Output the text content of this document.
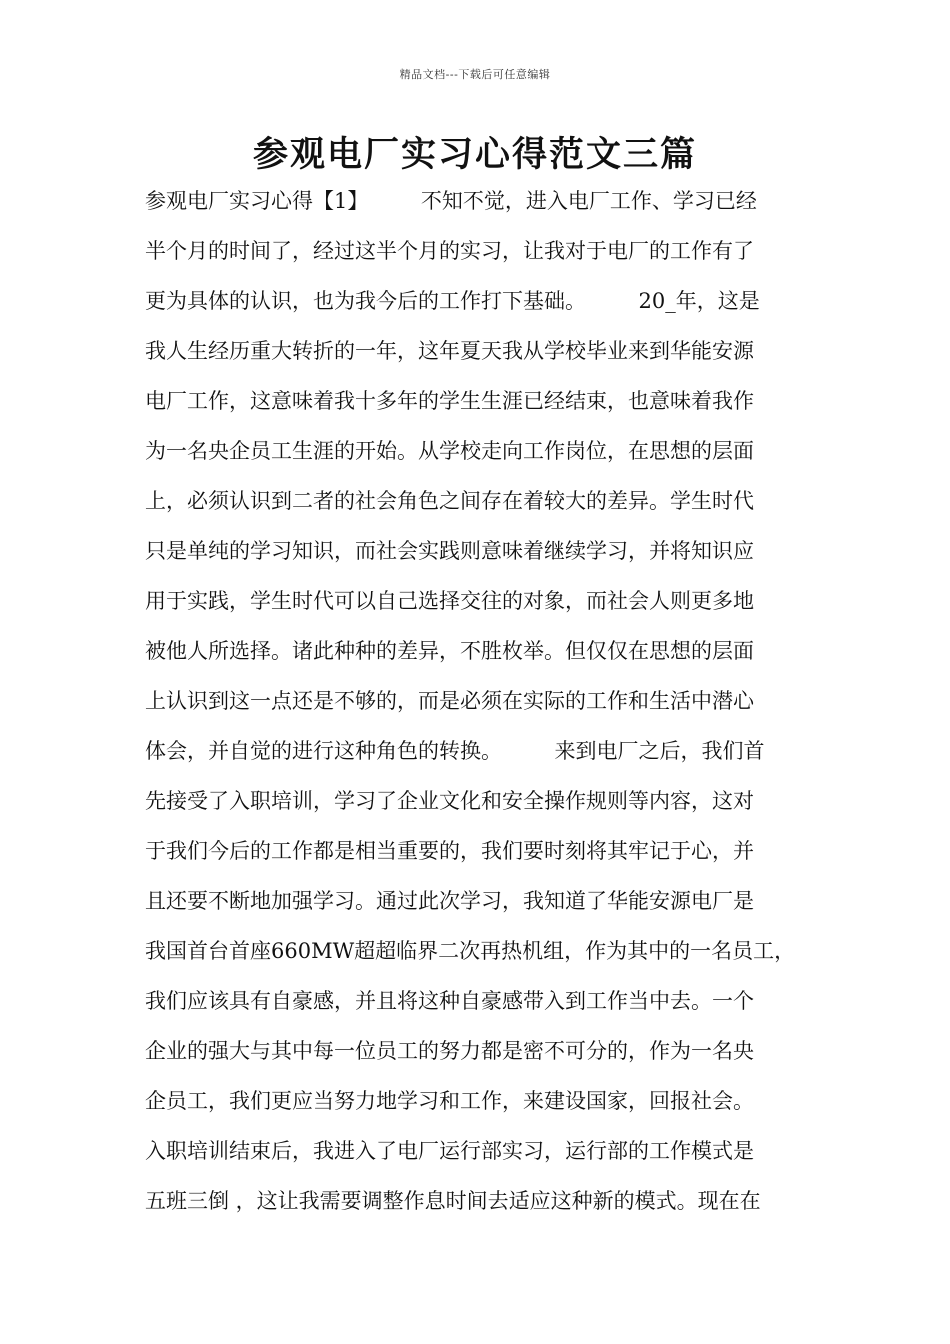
精品文档---下载后可任意编辑
参观电厂实习心得范文三篇
参观电厂实习心得【1】　　　不知不觉，进入电厂工作、学习已经
半个月的时间了，经过这半个月的实习，让我对于电厂的工作有了
更为具体的认识，也为我今后的工作打下基础。　　　20_年，这是
我人生经历重大转折的一年，这年夏天我从学校毕业来到华能安源
电厂工作，这意味着我十多年的学生生涯已经结束，也意味着我作
为一名央企员工生涯的开始。从学校走向工作岗位，在思想的层面
上，必须认识到二者的社会角色之间存在着较大的差异。学生时代
只是单纯的学习知识，而社会实践则意味着继续学习，并将知识应
用于实践，学生时代可以自己选择交往的对象，而社会人则更多地
被他人所选择。诸此种种的差异，不胜枚举。但仅仅在思想的层面
上认识到这一点还是不够的，而是必须在实际的工作和生活中潜心
体会，并自觉的进行这种角色的转换。　　　来到电厂之后，我们首
先接受了入职培训，学习了企业文化和安全操作规则等内容，这对
于我们今后的工作都是相当重要的，我们要时刻将其牢记于心，并
且还要不断地加强学习。通过此次学习，我知道了华能安源电厂是
我国首台首座660MW超超临界二次再热机组，作为其中的一名员工，
我们应该具有自豪感，并且将这种自豪感带入到工作当中去。一个
企业的强大与其中每一位员工的努力都是密不可分的，作为一名央
企员工，我们更应当努力地学习和工作，来建设国家，回报社会。
入职培训结束后，我进入了电厂运行部实习，运行部的工作模式是
五班三倒 ，这让我需要调整作息时间去适应这种新的模式。现在在
